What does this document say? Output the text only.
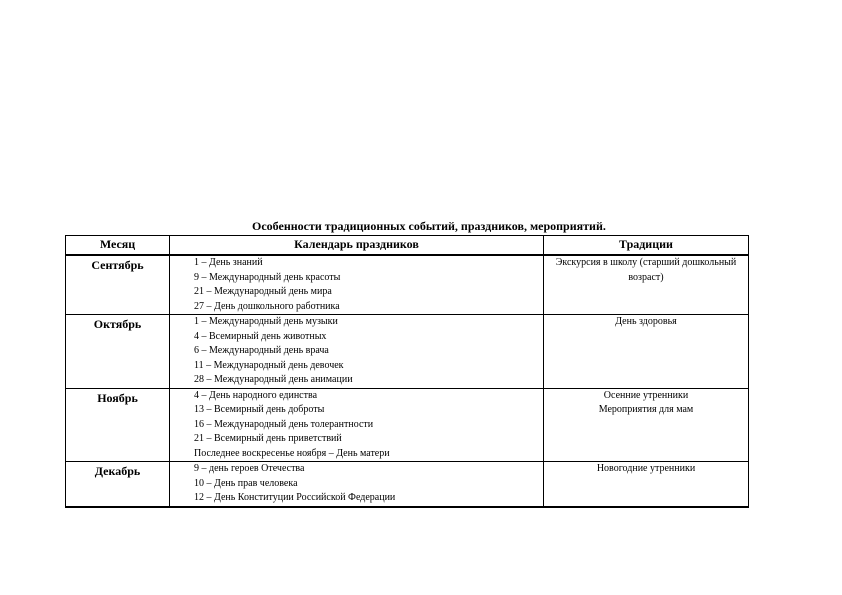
Особенности традиционных событий, праздников, мероприятий.
Месяц	Календарь праздников	Традиции
Сентябрь	1 – День знаний
9 – Международный день красоты
21 – Международный день мира
27 – День дошкольного работника	Экскурсия в школу (старший дошкольный возраст)

Октябрь	1 – Международный день музыки
4 – Всемирный день животных
6 – Международный день врача
11 – Международный день девочек
28 – Международный день анимации	День здоровья

Ноябрь	4 – День народного единства
13 – Всемирный день доброты
16 – Международный день толерантности
21 – Всемирный день приветствий
Последнее воскресенье ноября – День матери	Осенние утренники
Мероприятия для мам

Декабрь	9 – день героев Отечества
10 – День прав человека
12 – День Конституции Российской Федерации	Новогодние утренники
